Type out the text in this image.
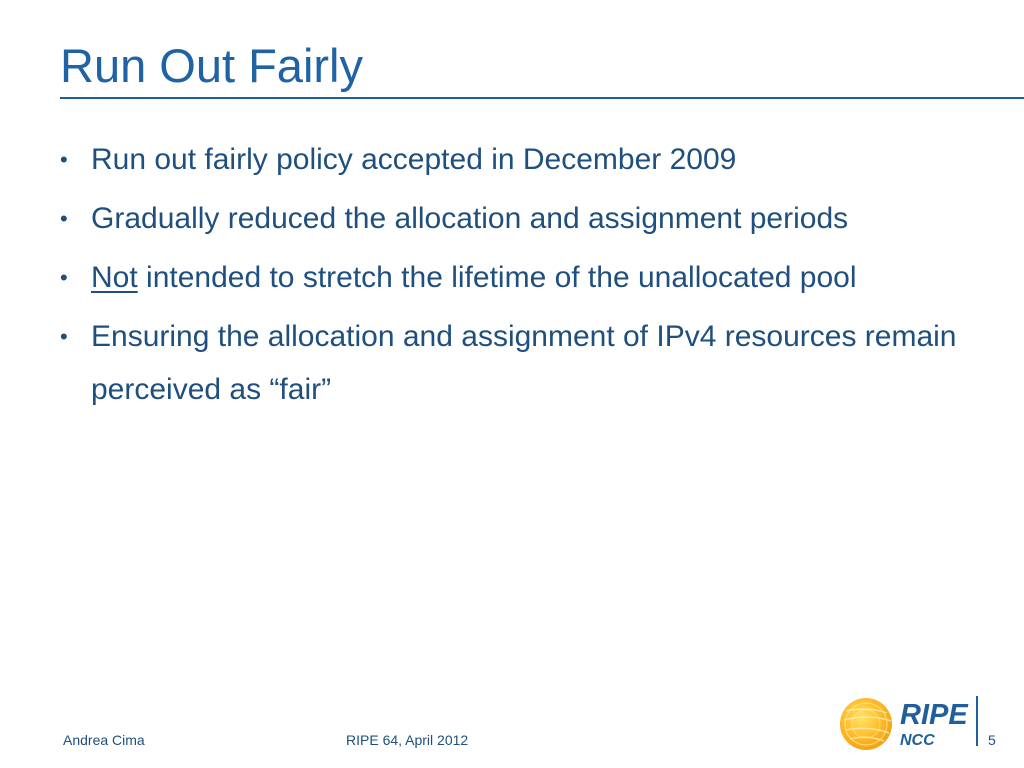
Run Out Fairly
• Run out fairly policy accepted in December 2009
• Gradually reduced the allocation and assignment periods
• Not intended to stretch the lifetime of the unallocated pool
• Ensuring the allocation and assignment of IPv4 resources remain perceived as “fair”
Andrea Cima	RIPE 64, April 2012
RIPE
NCC	5
